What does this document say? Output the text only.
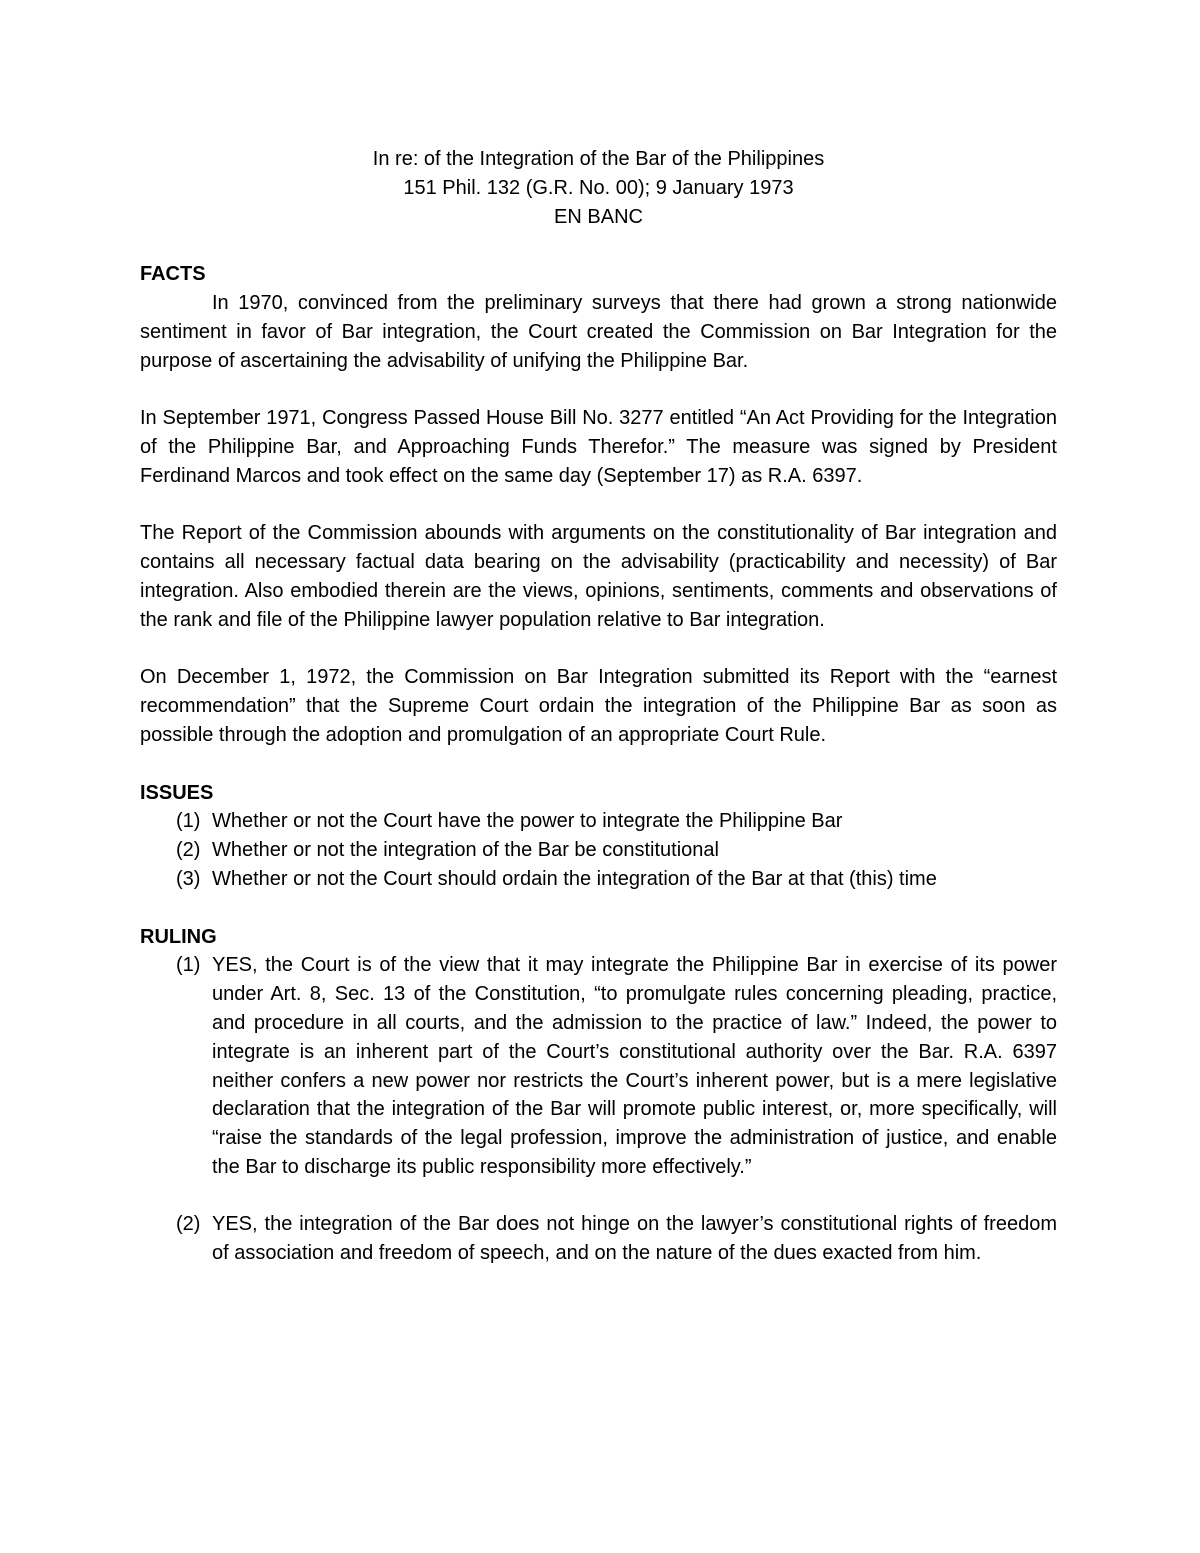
In re: of the Integration of the Bar of the Philippines
151 Phil. 132 (G.R. No. 00); 9 January 1973
EN BANC
FACTS

In 1970, convinced from the preliminary surveys that there had grown a strong nationwide sentiment in favor of Bar integration, the Court created the Commission on Bar Integration for the purpose of ascertaining the advisability of unifying the Philippine Bar.

In September 1971, Congress Passed House Bill No. 3277 entitled “An Act Providing for the Integration of the Philippine Bar, and Approaching Funds Therefor.” The measure was signed by President Ferdinand Marcos and took effect on the same day (September 17) as R.A. 6397.

The Report of the Commission abounds with arguments on the constitutionality of Bar integration and contains all necessary factual data bearing on the advisability (practicability and necessity) of Bar integration. Also embodied therein are the views, opinions, sentiments, comments and observations of the rank and file of the Philippine lawyer population relative to Bar integration.

On December 1, 1972, the Commission on Bar Integration submitted its Report with the “earnest recommendation” that the Supreme Court ordain the integration of the Philippine Bar as soon as possible through the adoption and promulgation of an appropriate Court Rule.

ISSUES
(1) Whether or not the Court have the power to integrate the Philippine Bar
(2) Whether or not the integration of the Bar be constitutional
(3) Whether or not the Court should ordain the integration of the Bar at that (this) time
RULING
(1) YES, the Court is of the view that it may integrate the Philippine Bar in exercise of its power under Art. 8, Sec. 13 of the Constitution, “to promulgate rules concerning pleading, practice, and procedure in all courts, and the admission to the practice of law.” Indeed, the power to integrate is an inherent part of the Court’s constitutional authority over the Bar. R.A. 6397 neither confers a new power nor restricts the Court’s inherent power, but is a mere legislative declaration that the integration of the Bar will promote public interest, or, more specifically, will “raise the standards of the legal profession, improve the administration of justice, and enable the Bar to discharge its public responsibility more effectively.”
(2) YES, the integration of the Bar does not hinge on the lawyer’s constitutional rights of freedom of association and freedom of speech, and on the nature of the dues exacted from him.
